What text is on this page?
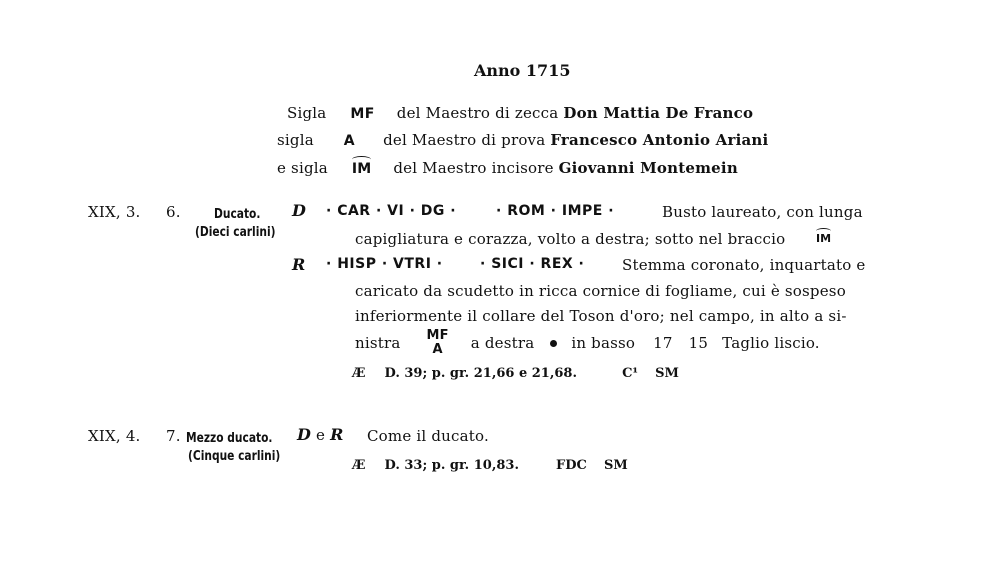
Anno 1715
Sigla MF del Maestro di zecca Don Mattia De Franco
sigla A del Maestro di prova Francesco Antonio Ariani
e sigla IM del Maestro incisore Giovanni Montemein
XIX, 3. 6.	Ducato.
(Dieci carlini)
D · CAR · VI · DG ·	· ROM · IMPE ·	Busto laureato, con lunga
capigliatura e corazza, volto a destra; sotto nel braccio	IM
R · HISP · VTRI ·	· SICI · REX ·	Stemma coronato, inquartato e
caricato da scudetto in ricca cornice di fogliame, cui è sospeso
inferiormente il collare del Toson d'oro; nel campo, in alto a si-
nistra MF
A a destra in basso 17 15 Taglio liscio.
Æ D. 39; p. gr. 21,66 e 21,68.	C¹ SM
XIX, 4. 7. Mezzo ducato.
(Cinque carlini)
D e R Come il ducato.
Æ D. 33; p. gr. 10,83.	FDC SM
